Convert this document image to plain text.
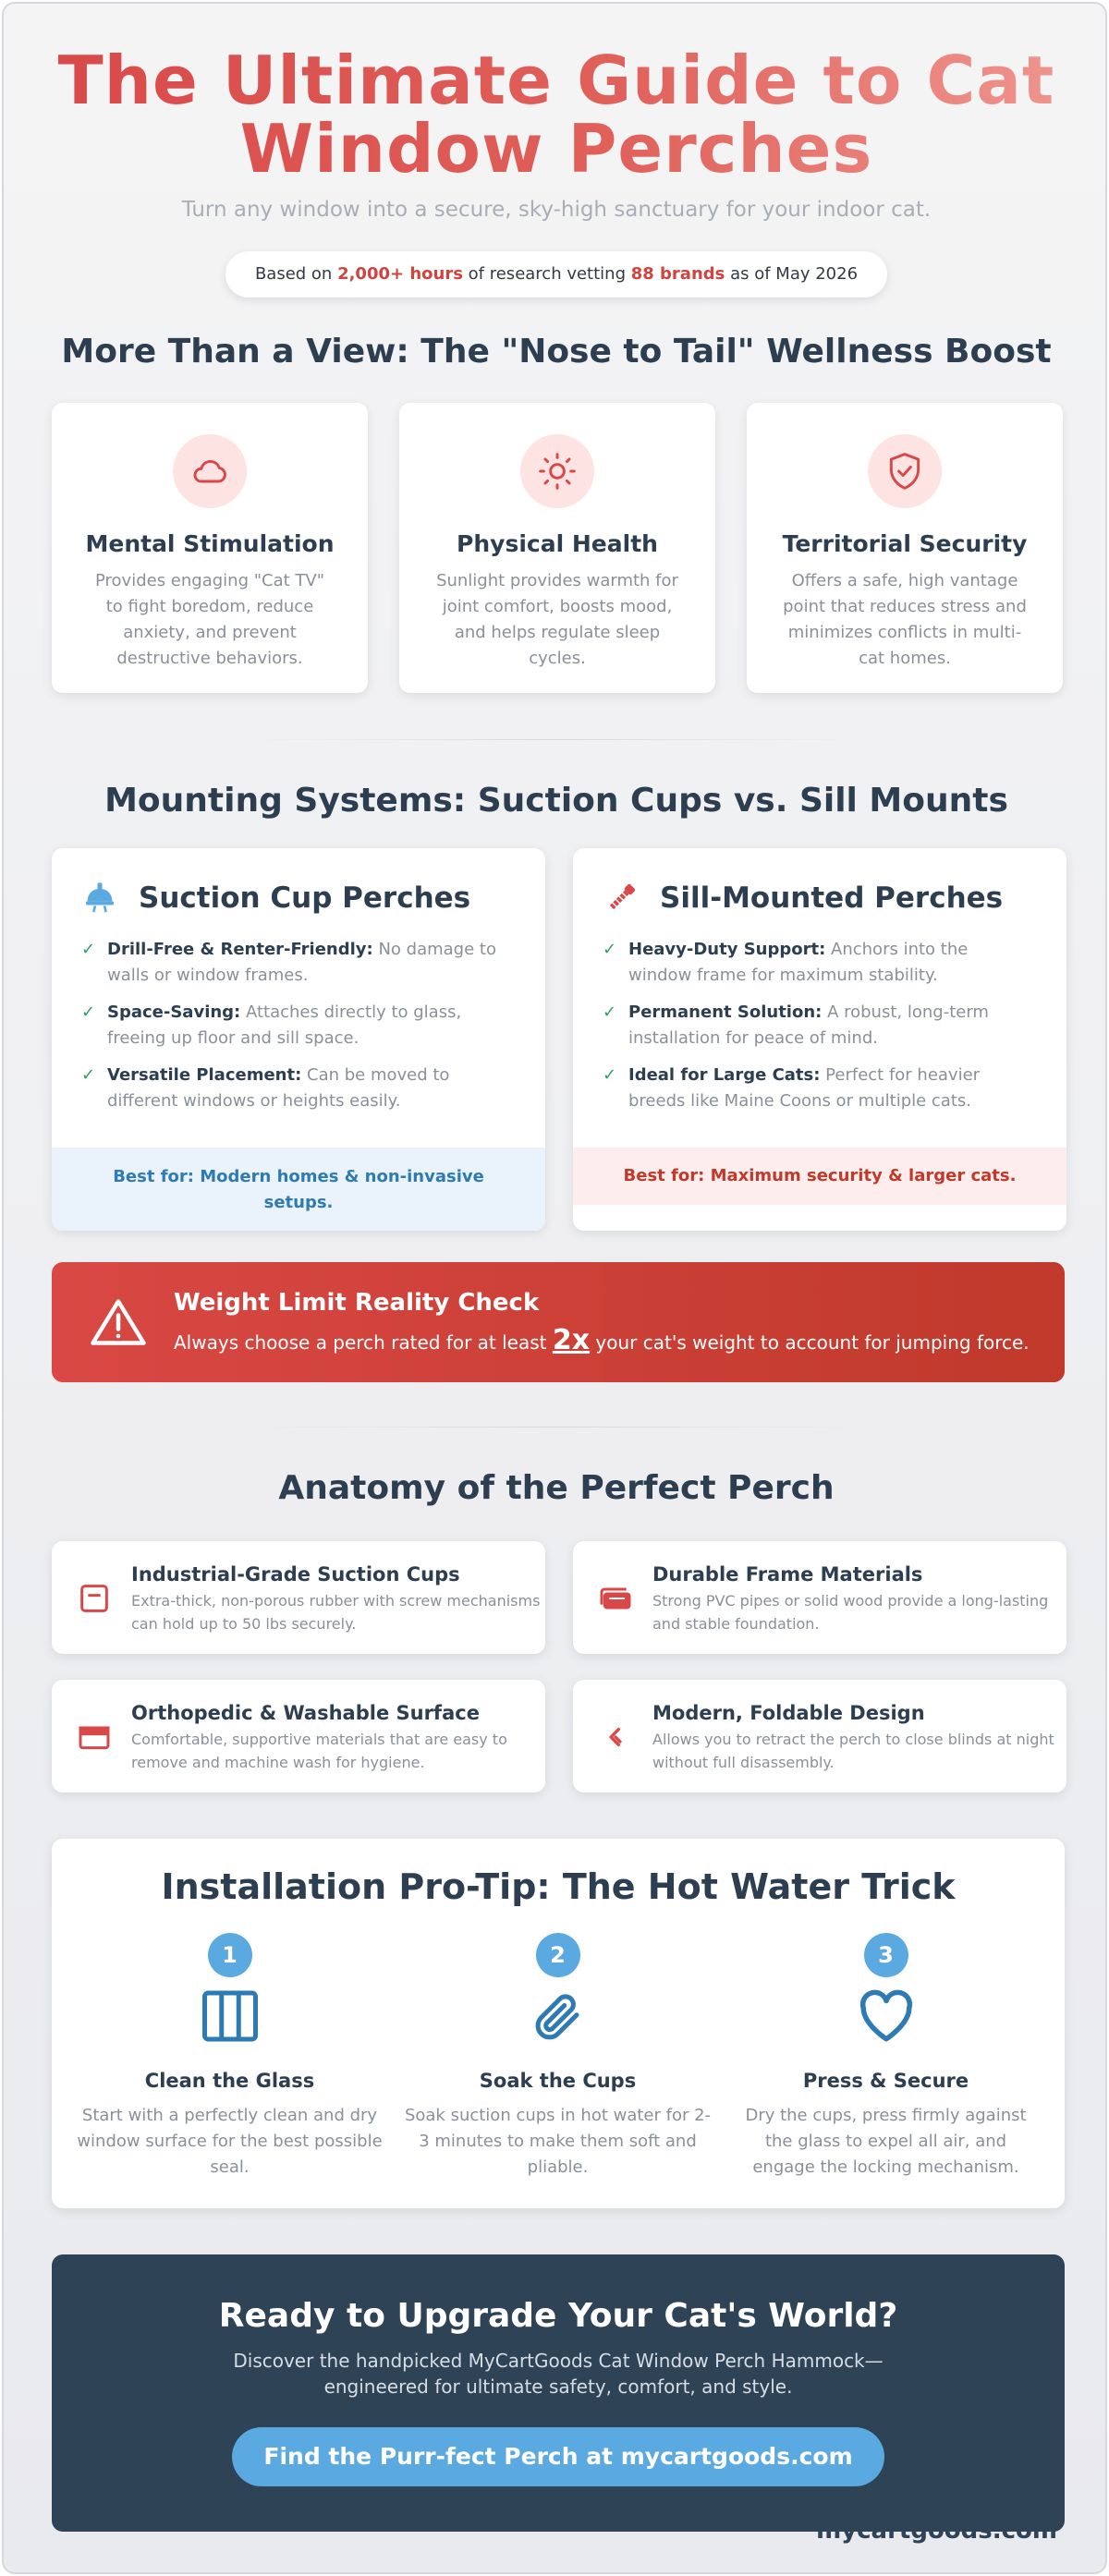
The Ultimate Guide to Cat
Window Perches
Turn any window into a secure, sky-high sanctuary for your indoor cat.
Based on 2,000+ hours of research vetting 88 brands as of May 2026
More Than a View: The "Nose to Tail" Wellness Boost
Mental Stimulation

Provides engaging "Cat TV" to fight boredom, reduce anxiety, and prevent destructive behaviors.

Physical Health

Sunlight provides warmth for joint comfort, boosts mood, and helps regulate sleep cycles.

Territorial Security

Offers a safe, high vantage point that reduces stress and minimizes conflicts in multi-cat homes.

Mounting Systems: Suction Cups vs. Sill Mounts
Suction Cup Perches
✓ Drill-Free & Renter-Friendly: No damage to walls or window frames.
✓ Space-Saving: Attaches directly to glass, freeing up floor and sill space.
✓ Versatile Placement: Can be moved to different windows or heights easily.
Best for: Modern homes & non-invasive setups.
Sill-Mounted Perches
✓ Heavy-Duty Support: Anchors into the window frame for maximum stability.
✓ Permanent Solution: A robust, long-term installation for peace of mind.
✓ Ideal for Large Cats: Perfect for heavier breeds like Maine Coons or multiple cats.
Best for: Maximum security & larger cats.
Weight Limit Reality Check

Always choose a perch rated for at least 2x your cat's weight to account for jumping force.

Anatomy of the Perfect Perch
Industrial-Grade Suction Cups

Extra-thick, non-porous rubber with screw mechanisms can hold up to 50 lbs securely.

Durable Frame Materials

Strong PVC pipes or solid wood provide a long-lasting and stable foundation.

Orthopedic & Washable Surface

Comfortable, supportive materials that are easy to remove and machine wash for hygiene.

Modern, Foldable Design

Allows you to retract the perch to close blinds at night without full disassembly.

Installation Pro-Tip: The Hot Water Trick
1
Clean the Glass

Start with a perfectly clean and dry window surface for the best possible seal.

2
Soak the Cups

Soak suction cups in hot water for 2-3 minutes to make them soft and pliable.

3
Press & Secure

Dry the cups, press firmly against the glass to expel all air, and engage the locking mechanism.

Ready to Upgrade Your Cat's World?

Discover the handpicked MyCartGoods Cat Window Perch Hammock—engineered for ultimate safety, comfort, and style.

Find the Purr-fect Perch at mycartgoods.com
mycartgoods.com
